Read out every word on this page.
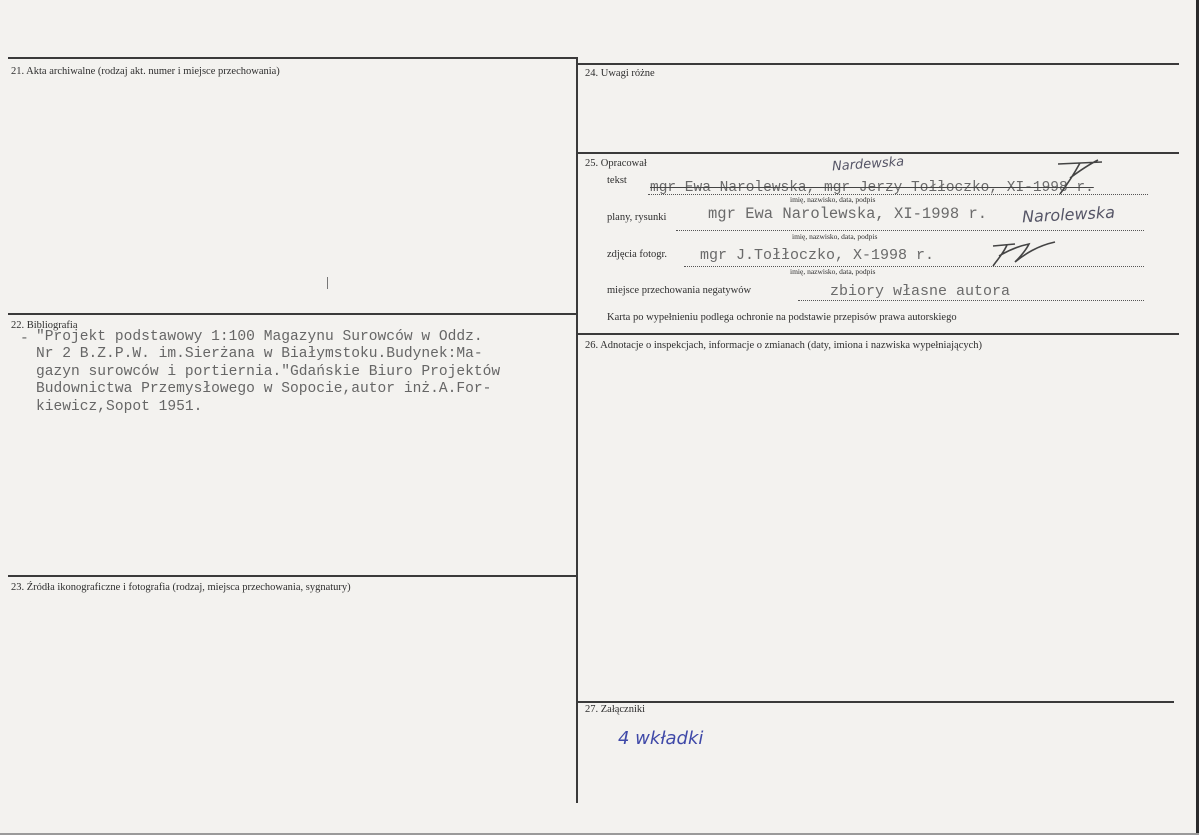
21. Akta archiwalne (rodzaj akt. numer i miejsce przechowania)
22. Bibliografia
- "Projekt podstawowy 1:100 Magazynu Surowców w Oddz.
Nr 2 B.Z.P.W. im.Sierżana w Białymstoku.Budynek:Ma-
gazyn surowców i portiernia."Gdańskie Biuro Projektów
Budownictwa Przemysłowego w Sopocie,autor inż.A.For-
kiewicz,Sopot 1951.
23. Źródła ikonograficzne i fotografia (rodzaj, miejsca przechowania, sygnatury)
24. Uwagi różne
25. Opracował	Nardewska
tekst mgr Ewa Narolewska, mgr Jerzy Tołłoczko, XI-1998 r.
imię, nazwisko, data, podpis
plany, rysunki	mgr Ewa Narolewska, XI-1998 r.
imię, nazwisko, data, podpis
Narolewska
zdjęcia fotogr. mgr J.Tołłoczko, X-1998 r.
imię, nazwisko, data, podpis
miejsce przechowania negatywów	zbiory własne autora
Karta po wypełnieniu podlega ochronie na podstawie przepisów prawa autorskiego
26. Adnotacje o inspekcjach, informacje o zmianach (daty, imiona i nazwiska wypełniających)
27. Załączniki
4 wkładki
